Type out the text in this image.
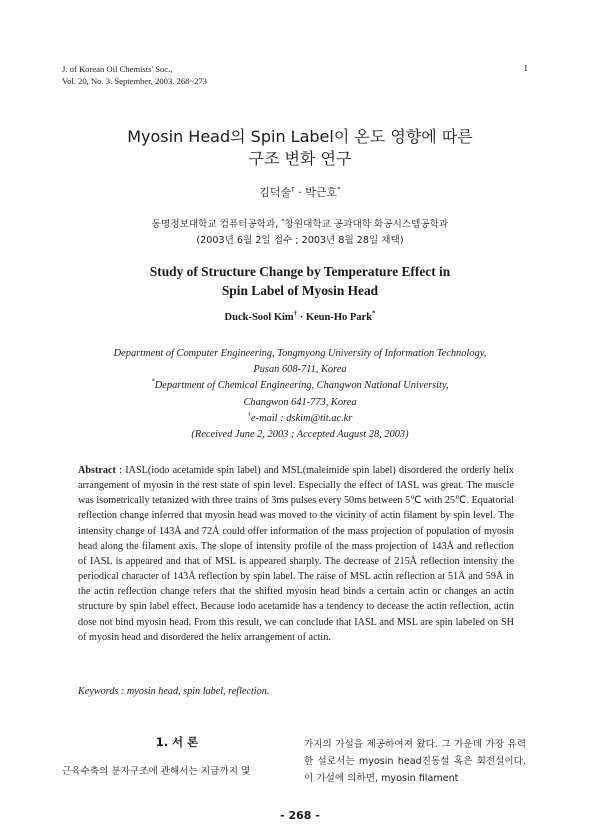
J. of Korean Oil Chemists' Soc.,
Vol. 20, No. 3. September, 2003. 268~273
1
Myosin Head의 Spin Label이 온도 영향에 따른
구조 변화 연구
김덕술† · 박근호*
동명정보대학교 컴퓨터공학과, *창원대학교 공과대학 화공시스템공학과
(2003년 6월 2일 접수 ; 2003년 8월 28일 채택)
Study of Structure Change by Temperature Effect in
Spin Label of Myosin Head
Duck-Sool Kim† · Keun-Ho Park*
Department of Computer Engineering, Tongmyong University of Information Technology,
Pusan 608-711, Korea
*Department of Chemical Engineering, Changwon National University,
Changwon 641-773, Korea
†e-mail : dskim@tit.ac.kr
(Received June 2, 2003 ; Accepted August 28, 2003)
Abstract : IASL(iodo acetamide spin label) and MSL(maleimide spin label) disordered the orderly helix arrangement of myosin in the rest state of spin level. Especially the effect of IASL was great. The muscle was isometrically tetanized with three trains of 3ms pulses every 50ms between 5℃ with 25℃. Equatorial reflection change inferred that myosin head was moved to the vicinity of actin filament by spin level. The intensity change of 143Å and 72Å could offer information of the mass projection of population of myosin head along the filament axis. The slope of intensity profile of the mass projection of 143Å and reflection of IASL is appeared and that of MSL is appeared sharply. The decrease of 215Å reflection intensity the periodical character of 143Å reflection by spin label. The raise of MSL actin reflection at 51Å and 59Å in the actin reflection change refers that the shifted myosin head binds a certain actin or changes an actin structure by spin label effect. Because iodo acetamide has a tendency to decease the actin reflection, actin dose not bind myosin head. From this result, we can conclude that IASL and MSL are spin labeled on SH of myosin head and disordered the helix arrangement of actin.
Keywords : myosin head, spin label, reflection.
1. 서 론
근육수축의 분자구조에 관해서는 지금까지 몇
가지의 가설을 제공하여져 왔다. 그 가운데 가장 유력한 설로서는 myosin head진동설 혹은 회전설이다. 이 가설에 의하면, myosin filament
- 268 -
